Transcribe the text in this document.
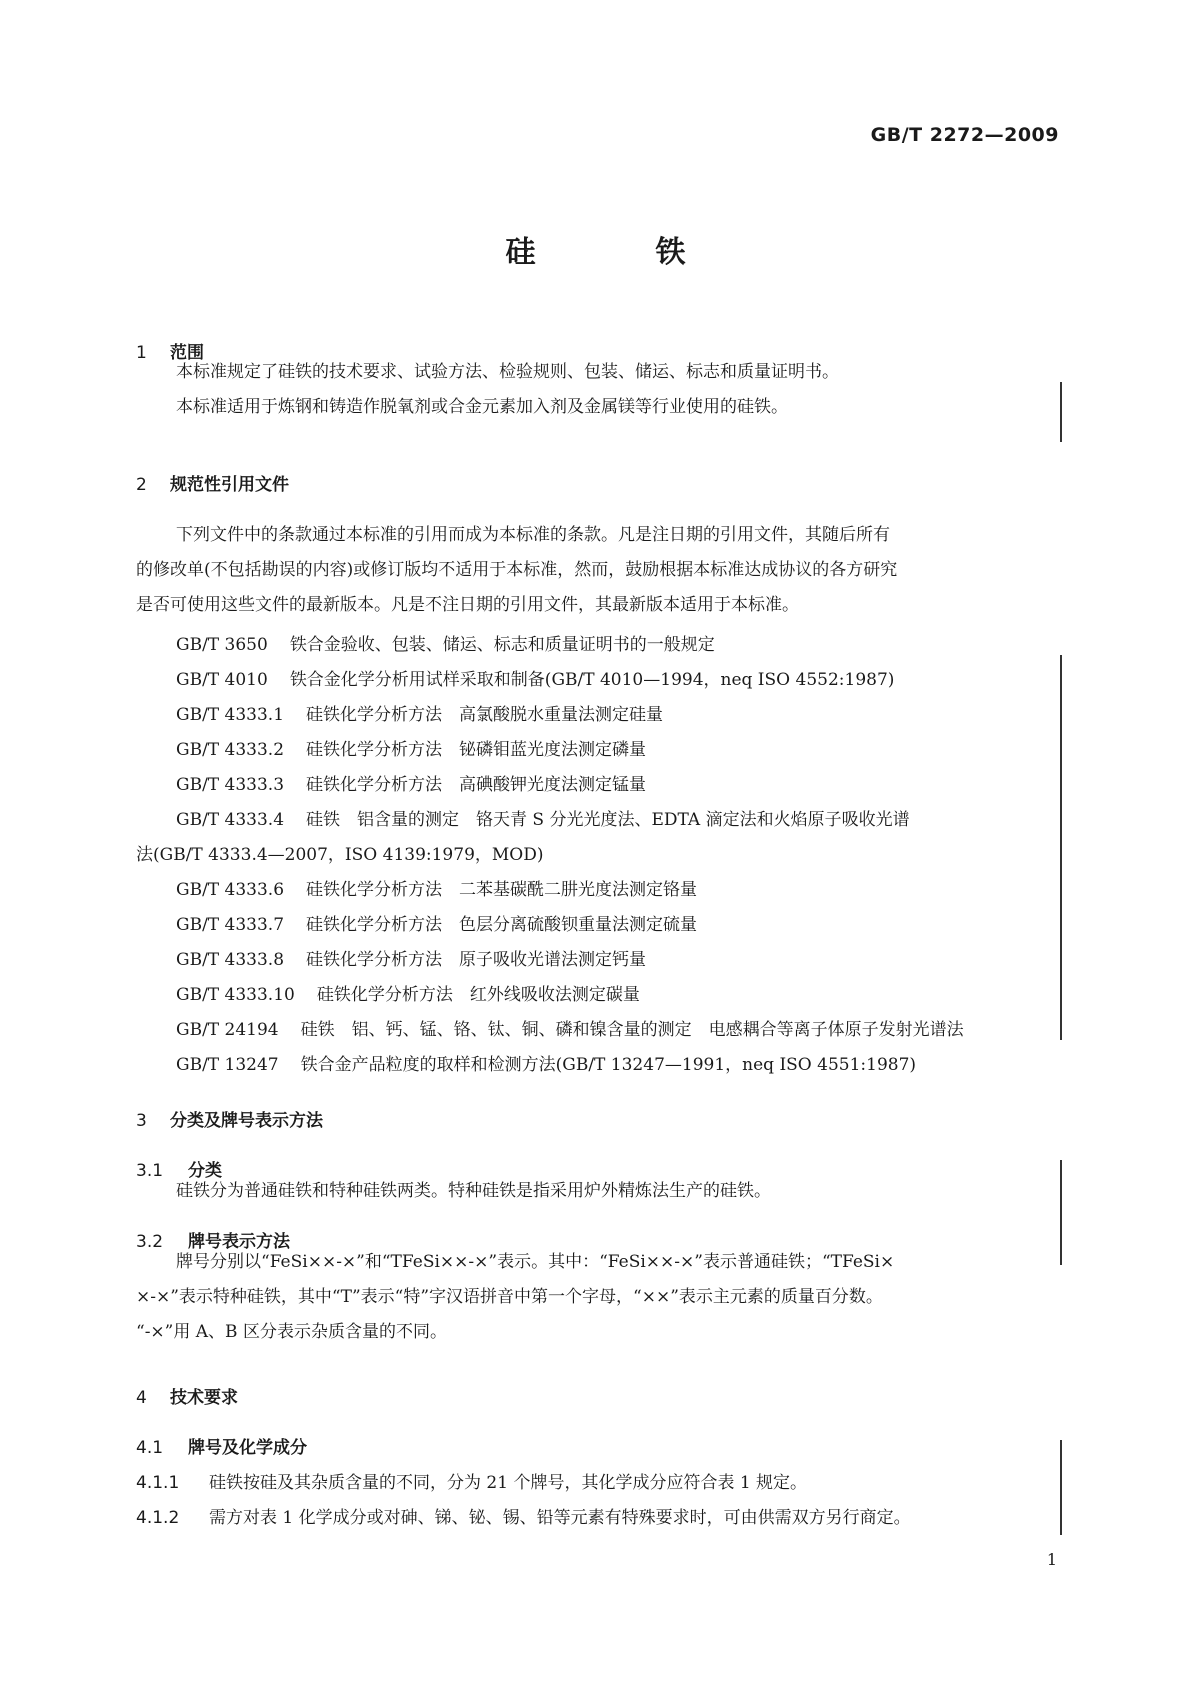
GB/T 2272—2009
硅	铁
1 范围
本标准规定了硅铁的技术要求、试验方法、检验规则、包装、储运、标志和质量证明书。
本标准适用于炼钢和铸造作脱氧剂或合金元素加入剂及金属镁等行业使用的硅铁。
2 规范性引用文件
下列文件中的条款通过本标准的引用而成为本标准的条款。凡是注日期的引用文件，其随后所有
的修改单(不包括勘误的内容)或修订版均不适用于本标准，然而，鼓励根据本标准达成协议的各方研究
是否可使用这些文件的最新版本。凡是不注日期的引用文件，其最新版本适用于本标准。
GB/T 3650 铁合金验收、包装、储运、标志和质量证明书的一般规定
GB/T 4010 铁合金化学分析用试样采取和制备(GB/T 4010—1994，neq ISO 4552:1987)
GB/T 4333.1 硅铁化学分析方法　高氯酸脱水重量法测定硅量
GB/T 4333.2 硅铁化学分析方法　铋磷钼蓝光度法测定磷量
GB/T 4333.3 硅铁化学分析方法　高碘酸钾光度法测定锰量
GB/T 4333.4 硅铁　铝含量的测定　铬天青 S 分光光度法、EDTA 滴定法和火焰原子吸收光谱
法(GB/T 4333.4—2007，ISO 4139:1979，MOD)
GB/T 4333.6 硅铁化学分析方法　二苯基碳酰二肼光度法测定铬量
GB/T 4333.7 硅铁化学分析方法　色层分离硫酸钡重量法测定硫量
GB/T 4333.8 硅铁化学分析方法　原子吸收光谱法测定钙量
GB/T 4333.10 硅铁化学分析方法　红外线吸收法测定碳量
GB/T 24194 硅铁　铝、钙、锰、铬、钛、铜、磷和镍含量的测定　电感耦合等离子体原子发射光谱法
GB/T 13247 铁合金产品粒度的取样和检测方法(GB/T 13247—1991，neq ISO 4551:1987)
3 分类及牌号表示方法
3.1 分类
硅铁分为普通硅铁和特种硅铁两类。特种硅铁是指采用炉外精炼法生产的硅铁。
3.2 牌号表示方法
牌号分别以“FeSi××-×”和“TFeSi××-×”表示。其中：“FeSi××-×”表示普通硅铁；“TFeSi×
×-×”表示特种硅铁，其中“T”表示“特”字汉语拼音中第一个字母，“××”表示主元素的质量百分数。
“-×”用 A、B 区分表示杂质含量的不同。
4 技术要求
4.1 牌号及化学成分
4.1.1 硅铁按硅及其杂质含量的不同，分为 21 个牌号，其化学成分应符合表 1 规定。
4.1.2 需方对表 1 化学成分或对砷、锑、铋、锡、铅等元素有特殊要求时，可由供需双方另行商定。
1
